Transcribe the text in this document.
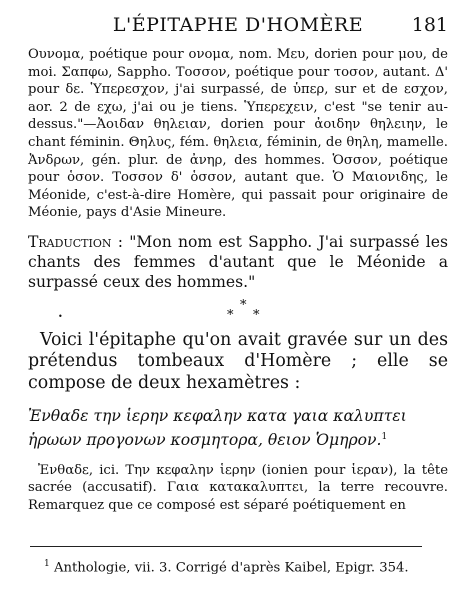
L'ÉPITAPHE D'HOMÈRE	181

Ουνομα, poétique pour ονομα, nom. Μευ, dorien pour μου, de moi. Σαπφω, Sappho. Τοσσον, poétique pour τοσον, autant. Δ' pour δε. Ὑπερεσχον, j'ai surpassé, de ὑπερ, sur et de εσχον, aor. 2 de εχω, j'ai ou je tiens. Ὑπερεχειν, c'est "se tenir au-dessus."—Ἀοιδαν θηλειαν, dorien pour ἀοιδην θηλειην, le chant féminin. Θηλυς, fém. θηλεια, féminin, de θηλη, mamelle. Ἀνδρων, gén. plur. de ἀνηρ, des hommes. Ὁσσον, poétique pour ὁσον. Τοσσον δ' ὁσσον, autant que. Ὁ Μαιονιδης, le Méonide, c'est-à-dire Homère, qui passait pour originaire de Méonie, pays d'Asie Mineure.

Traduction : "Mon nom est Sappho. J'ai surpassé les chants des femmes d'autant que le Méonide a surpassé ceux des hommes."
•	*
*
*
Voici l'épitaphe qu'on avait gravée sur un des prétendus tombeaux d'Homère ; elle se compose de deux hexamètres :
Ἐνθαδε την ἱερην κεφαλην κατα γαια καλυπτει
ἡρωων προγονων κοσμητορα, θειον Ὁμηρον.$^1$
Ἐνθαδε, ici. Την κεφαλην ἱερην (ionien pour ἱεραν), la tête sacrée (accusatif). Γαια κατακαλυπτει, la terre recouvre. Remarquez que ce composé est séparé poétiquement en
$^1$ Anthologie, vii. 3. Corrigé d'après Kaibel, Epigr. 354.
